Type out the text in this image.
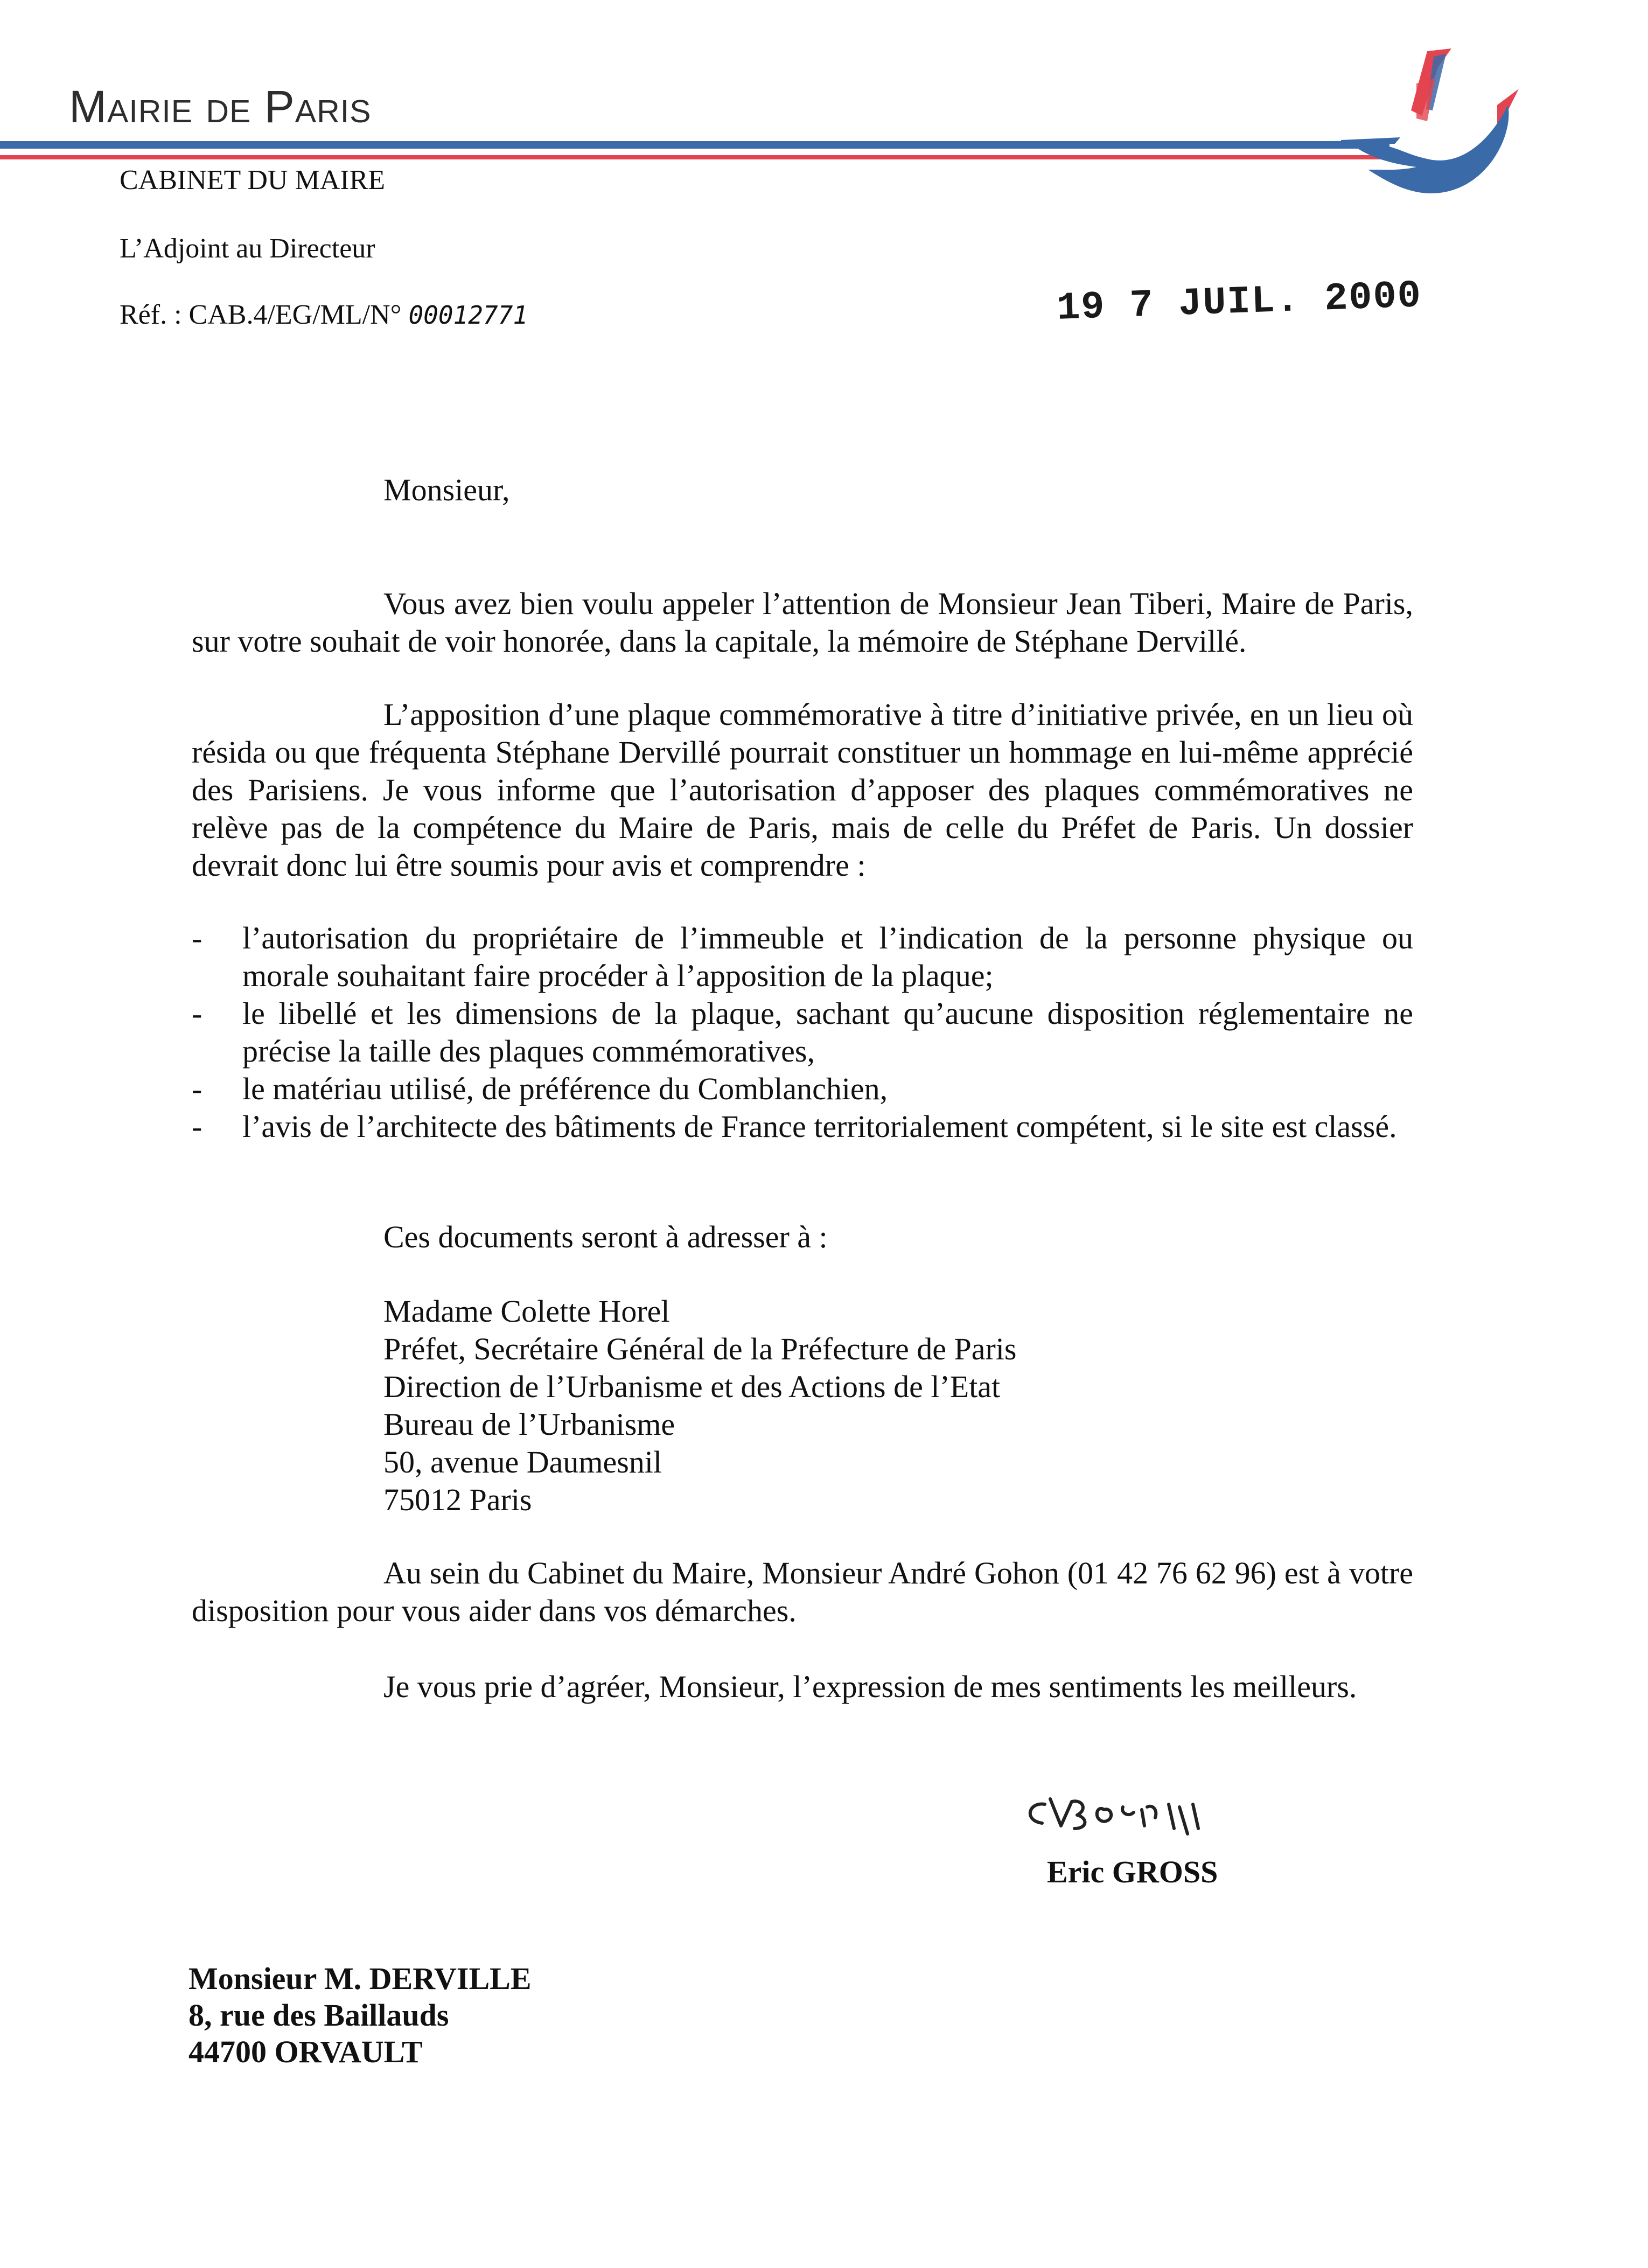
Mairie de Paris
CABINET DU MAIRE
L’Adjoint au Directeur
Réf. : CAB.4/EG/ML/N° 00012771	19 7 JUIL. 2000
Monsieur,
Vous avez bien voulu appeler l’attention de Monsieur Jean Tiberi, Maire de Paris, sur votre souhait de voir honorée, dans la capitale, la mémoire de Stéphane Dervillé.
L’apposition d’une plaque commémorative à titre d’initiative privée, en un lieu où résida ou que fréquenta Stéphane Dervillé pourrait constituer un hommage en lui-même apprécié des Parisiens. Je vous informe que l’autorisation d’apposer des plaques commémoratives ne relève pas de la compétence du Maire de Paris, mais de celle du Préfet de Paris. Un dossier devrait donc lui être soumis pour avis et comprendre :
- l’autorisation du propriétaire de l’immeuble et l’indication de la personne physique ou morale souhaitant faire procéder à l’apposition de la plaque;
- le libellé et les dimensions de la plaque, sachant qu’aucune disposition réglementaire ne précise la taille des plaques commémoratives,
- le matériau utilisé, de préférence du Comblanchien,
- l’avis de l’architecte des bâtiments de France territorialement compétent, si le site est classé.
Ces documents seront à adresser à :
Madame Colette Horel
Préfet, Secrétaire Général de la Préfecture de Paris
Direction de l’Urbanisme et des Actions de l’Etat
Bureau de l’Urbanisme
50, avenue Daumesnil
75012 Paris
Au sein du Cabinet du Maire, Monsieur André Gohon (01 42 76 62 96) est à votre disposition pour vous aider dans vos démarches.
Je vous prie d’agréer, Monsieur, l’expression de mes sentiments les meilleurs.
Eric GROSS
Monsieur M. DERVILLE
8, rue des Baillauds
44700 ORVAULT
